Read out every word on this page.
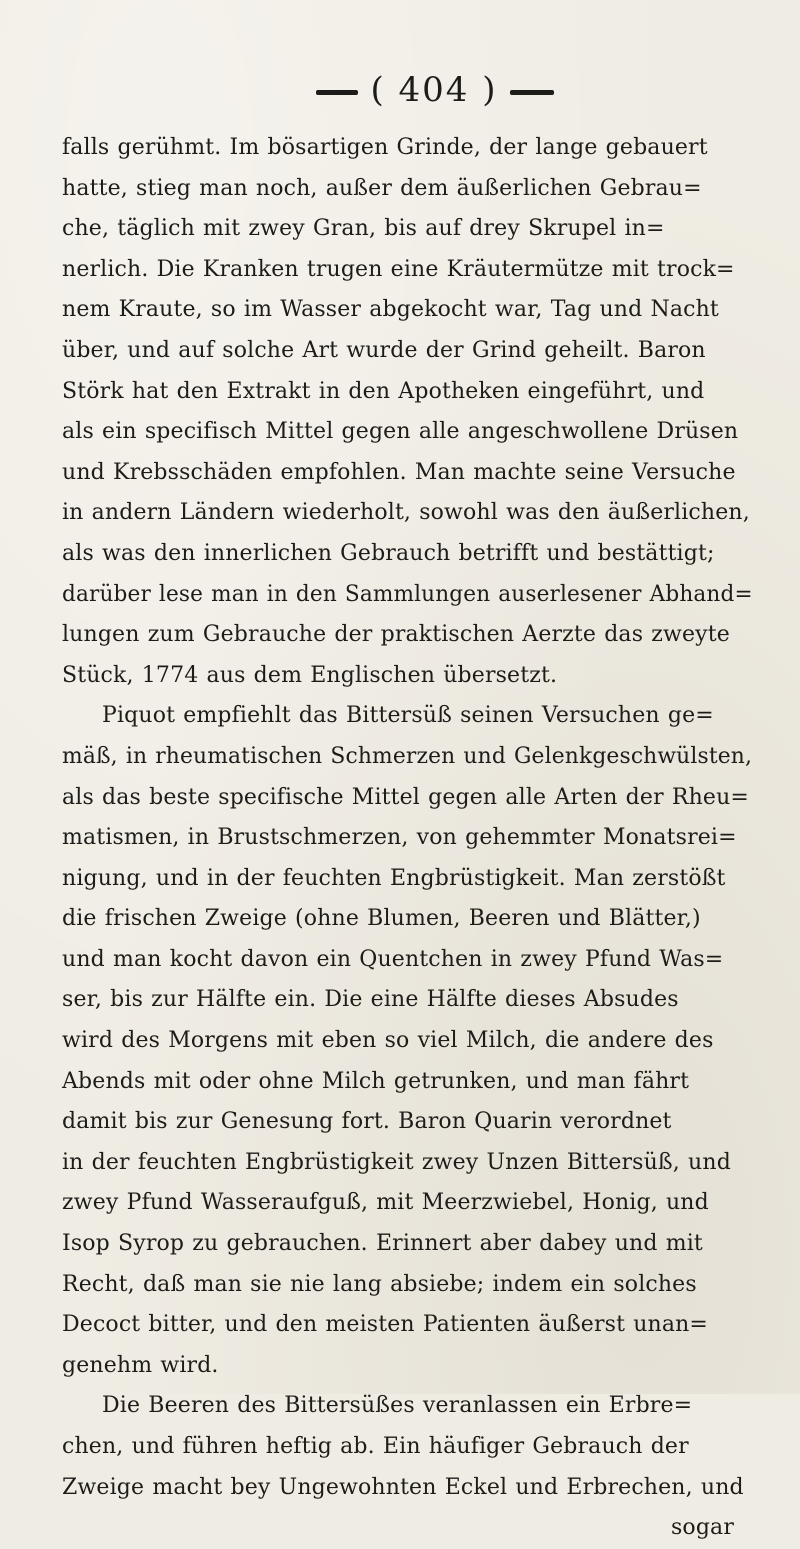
( 404 )
falls gerühmt. Im bösartigen Grinde, der lange gebauert
hatte, stieg man noch, außer dem äußerlichen Gebrau=
che, täglich mit zwey Gran, bis auf drey Skrupel in=
nerlich. Die Kranken trugen eine Kräutermütze mit trock=
nem Kraute, so im Wasser abgekocht war, Tag und Nacht
über, und auf solche Art wurde der Grind geheilt. Baron
Störk hat den Extrakt in den Apotheken eingeführt, und
als ein specifisch Mittel gegen alle angeschwollene Drüsen
und Krebsschäden empfohlen. Man machte seine Versuche
in andern Ländern wiederholt, sowohl was den äußerlichen,
als was den innerlichen Gebrauch betrifft und bestättigt;
darüber lese man in den Sammlungen auserlesener Abhand=
lungen zum Gebrauche der praktischen Aerzte das zweyte
Stück, 1774 aus dem Englischen übersetzt.
Piquot empfiehlt das Bittersüß seinen Versuchen ge=
mäß, in rheumatischen Schmerzen und Gelenkgeschwülsten,
als das beste specifische Mittel gegen alle Arten der Rheu=
matismen, in Brustschmerzen, von gehemmter Monatsrei=
nigung, und in der feuchten Engbrüstigkeit. Man zerstößt
die frischen Zweige (ohne Blumen, Beeren und Blätter,)
und man kocht davon ein Quentchen in zwey Pfund Was=
ser, bis zur Hälfte ein. Die eine Hälfte dieses Absudes
wird des Morgens mit eben so viel Milch, die andere des
Abends mit oder ohne Milch getrunken, und man fährt
damit bis zur Genesung fort. Baron Quarin verordnet
in der feuchten Engbrüstigkeit zwey Unzen Bittersüß, und
zwey Pfund Wasseraufguß, mit Meerzwiebel, Honig, und
Isop Syrop zu gebrauchen. Erinnert aber dabey und mit
Recht, daß man sie nie lang absiebe; indem ein solches
Decoct bitter, und den meisten Patienten äußerst unan=
genehm wird.
Die Beeren des Bittersüßes veranlassen ein Erbre=
chen, und führen heftig ab. Ein häufiger Gebrauch der
Zweige macht bey Ungewohnten Eckel und Erbrechen, und
sogar
